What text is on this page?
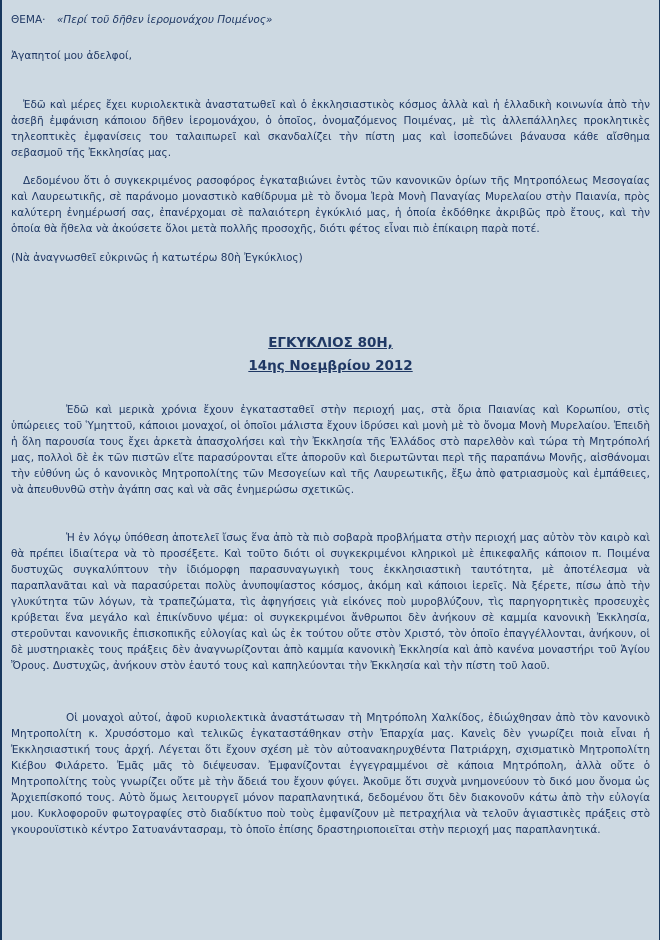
ΘΕΜΑ· «Περί τοῦ δῆθεν ἱερομονάχου Ποιμένος»

Ἀγαπητοί μου ἀδελφοί,

Ἐδῶ καὶ μέρες ἔχει κυριολεκτικὰ ἀναστατωθεῖ καὶ ὁ ἐκκλησιαστικὸς κόσμος ἀλλὰ καὶ ἡ ἑλλαδικὴ κοινωνία ἀπὸ τὴν ἀσεβῆ ἐμφάνιση κάποιου δῆθεν ἱερομονάχου, ὁ ὁποῖος, ὀνομαζόμενος Ποιμένας, μὲ τὶς ἀλλεπάλληλες προκλητικὲς τηλεοπτικὲς ἐμφανίσεις του ταλαιπωρεῖ καὶ σκανδαλίζει τὴν πίστη μας καὶ ἰσοπεδώνει βάναυσα κάθε αἴσθημα σεβασμοῦ τῆς Ἐκκλησίας μας.

Δεδομένου ὅτι ὁ συγκεκριμένος ρασοφόρος ἐγκαταβιώνει ἐντὸς τῶν κανονικῶν ὁρίων τῆς Μητροπόλεως Μεσογαίας καὶ Λαυρεωτικῆς, σὲ παράνομο μοναστικὸ καθίδρυμα μὲ τὸ ὄνομα Ἱερὰ Μονὴ Παναγίας Μυρελαίου στὴν Παιανία, πρὸς καλύτερη ἐνημέρωσή σας, ἐπανέρχομαι σὲ παλαιότερη ἐγκύκλιό μας, ἡ ὁποία ἐκδόθηκε ἀκριβῶς πρὸ ἔτους, καὶ τὴν ὁποία θὰ ἤθελα νὰ ἀκούσετε ὅλοι μετὰ πολλῆς προσοχῆς, διότι φέτος εἶναι πιὸ ἐπίκαιρη παρὰ ποτέ.

(Νὰ ἀναγνωσθεῖ εὐκρινῶς ἡ κατωτέρω 80ὴ Ἐγκύκλιος)

ΕΓΚΥΚΛΙΟΣ 80Η,
14ης Νοεμβρίου 2012

Ἐδῶ καὶ μερικὰ χρόνια ἔχουν ἐγκατασταθεῖ στὴν περιοχή μας, στὰ ὅρια Παιανίας καὶ Κορωπίου, στὶς ὑπώρειες τοῦ Ὑμηττοῦ, κάποιοι μοναχοί, οἱ ὁποῖοι μάλιστα ἔχουν ἱδρύσει καὶ μονὴ μὲ τὸ ὄνομα Μονὴ Μυρελαίου. Ἐπειδὴ ἡ ὅλη παρουσία τους ἔχει ἀρκετὰ ἀπασχολήσει καὶ τὴν Ἐκκλησία τῆς Ἑλλάδος στὸ παρελθὸν καὶ τώρα τὴ Μητρόπολή μας, πολλοὶ δὲ ἐκ τῶν πιστῶν εἴτε παρασύρονται εἴτε ἀποροῦν καὶ διερωτῶνται περὶ τῆς παραπάνω Μονῆς, αἰσθάνομαι τὴν εὐθύνη ὡς ὁ κανονικὸς Μητροπολίτης τῶν Μεσογείων καὶ τῆς Λαυρεωτικῆς, ἔξω ἀπὸ φατριασμοὺς καὶ ἐμπάθειες, νὰ ἀπευθυνθῶ στὴν ἀγάπη σας καὶ νὰ σᾶς ἐνημερώσω σχετικῶς.

Ἡ ἐν λόγῳ ὑπόθεση ἀποτελεῖ ἴσως ἕνα ἀπὸ τὰ πιὸ σοβαρὰ προβλήματα στὴν περιοχή μας αὐτὸν τὸν καιρὸ καὶ θὰ πρέπει ἰδιαίτερα νὰ τὸ προσέξετε. Καὶ τοῦτο διότι οἱ συγκεκριμένοι κληρικοὶ μὲ ἐπικεφαλῆς κάποιον π. Ποιμένα δυστυχῶς συγκαλύπτουν τὴν ἰδιόμορφη παρασυναγωγικὴ τους ἐκκλησιαστικὴ ταυτότητα, μὲ ἀποτέλεσμα νὰ παραπλανᾶται καὶ νὰ παρασύρεται πολὺς ἀνυποψίαστος κόσμος, ἀκόμη καὶ κάποιοι ἱερεῖς. Νὰ ξέρετε, πίσω ἀπὸ τὴν γλυκύτητα τῶν λόγων, τὰ τραπεζώματα, τὶς ἀφηγήσεις γιὰ εἰκόνες ποὺ μυροβλύζουν, τὶς παρηγορητικὲς προσευχὲς κρύβεται ἕνα μεγάλο καὶ ἐπικίνδυνο ψέμα: οἱ συγκεκριμένοι ἄνθρωποι δὲν ἀνήκουν σὲ καμμία κανονικὴ Ἐκκλησία, στεροῦνται κανονικῆς ἐπισκοπικῆς εὐλογίας καὶ ὡς ἐκ τούτου οὔτε στὸν Χριστό, τὸν ὁποῖο ἐπαγγέλλονται, ἀνήκουν, οἱ δὲ μυστηριακὲς τους πράξεις δὲν ἀναγνωρίζονται ἀπὸ καμμία κανονικὴ Ἐκκλησία καὶ ἀπὸ κανένα μοναστήρι τοῦ Ἁγίου Ὄρους. Δυστυχῶς, ἀνήκουν στὸν ἑαυτό τους καὶ καπηλεύονται τὴν Ἐκκλησία καὶ τὴν πίστη τοῦ λαοῦ.

Οἱ μοναχοὶ αὐτοί, ἀφοῦ κυριολεκτικὰ ἀναστάτωσαν τὴ Μητρόπολη Χαλκίδος, ἐδιώχθησαν ἀπὸ τὸν κανονικὸ Μητροπολίτη κ. Χρυσόστομο καὶ τελικῶς ἐγκαταστάθηκαν στὴν Ἐπαρχία μας. Κανεὶς δὲν γνωρίζει ποιὰ εἶναι ἡ Ἐκκλησιαστική τους ἀρχή. Λέγεται ὅτι ἔχουν σχέση μὲ τὸν αὐτοανακηρυχθέντα Πατριάρχη, σχισματικὸ Μητροπολίτη Κιέβου Φιλάρετο. Ἐμᾶς μᾶς τὸ διέψευσαν. Ἐμφανίζονται ἐγγεγραμμένοι σὲ κάποια Μητρόπολη, ἀλλὰ οὔτε ὁ Μητροπολίτης τοὺς γνωρίζει οὔτε μὲ τὴν ἄδειά του ἔχουν φύγει. Ἀκοῦμε ὅτι συχνὰ μνημονεύουν τὸ δικό μου ὄνομα ὡς Ἀρχιεπίσκοπό τους. Αὐτὸ ὅμως λειτουργεῖ μόνον παραπλανητικά, δεδομένου ὅτι δὲν διακονοῦν κάτω ἀπὸ τὴν εὐλογία μου. Κυκλοφοροῦν φωτογραφίες στὸ διαδίκτυο ποὺ τοὺς ἐμφανίζουν μὲ πετραχήλια νὰ τελοῦν ἁγιαστικὲς πράξεις στὸ γκουρουϊστικὸ κέντρο Σατυανάντασραμ, τὸ ὁποῖο ἐπίσης δραστηριοποιεῖται στὴν περιοχή μας παραπλανητικά.
